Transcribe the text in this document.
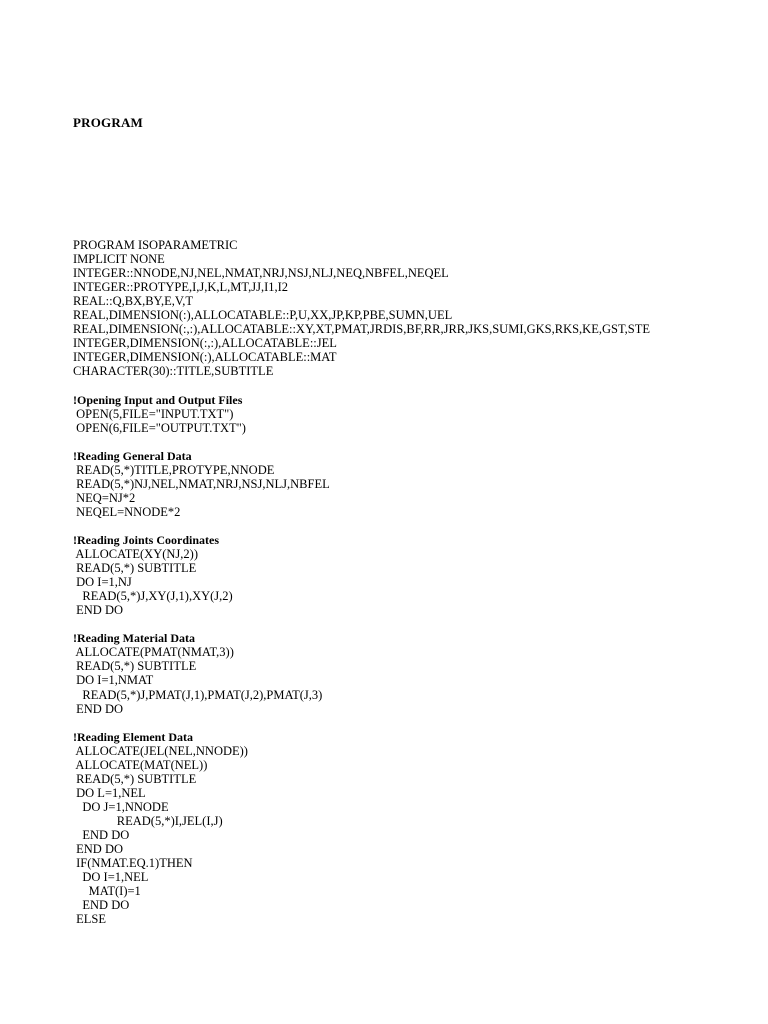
PROGRAM
PROGRAM ISOPARAMETRIC
IMPLICIT NONE
INTEGER::NNODE,NJ,NEL,NMAT,NRJ,NSJ,NLJ,NEQ,NBFEL,NEQEL
INTEGER::PROTYPE,I,J,K,L,MT,JJ,I1,I2
REAL::Q,BX,BY,E,V,T
REAL,DIMENSION(:),ALLOCATABLE::P,U,XX,JP,KP,PBE,SUMN,UEL
REAL,DIMENSION(:,:),ALLOCATABLE::XY,XT,PMAT,JRDIS,BF,RR,JRR,JKS,SUMI,GKS,RKS,KE,GST,STE
INTEGER,DIMENSION(:,:),ALLOCATABLE::JEL
INTEGER,DIMENSION(:),ALLOCATABLE::MAT
CHARACTER(30)::TITLE,SUBTITLE
!Opening Input and Output Files
OPEN(5,FILE="INPUT.TXT")
OPEN(6,FILE="OUTPUT.TXT")
!Reading General Data
READ(5,*)TITLE,PROTYPE,NNODE
READ(5,*)NJ,NEL,NMAT,NRJ,NSJ,NLJ,NBFEL
NEQ=NJ*2
NEQEL=NNODE*2
!Reading Joints Coordinates
ALLOCATE(XY(NJ,2))
READ(5,*) SUBTITLE
DO I=1,NJ
READ(5,*)J,XY(J,1),XY(J,2)
END DO
!Reading Material Data
ALLOCATE(PMAT(NMAT,3))
READ(5,*) SUBTITLE
DO I=1,NMAT
READ(5,*)J,PMAT(J,1),PMAT(J,2),PMAT(J,3)
END DO
!Reading Element Data
ALLOCATE(JEL(NEL,NNODE))
ALLOCATE(MAT(NEL))
READ(5,*) SUBTITLE
DO L=1,NEL
DO J=1,NNODE
READ(5,*)I,JEL(I,J)
END DO
END DO
IF(NMAT.EQ.1)THEN
DO I=1,NEL
MAT(I)=1
END DO
ELSE
